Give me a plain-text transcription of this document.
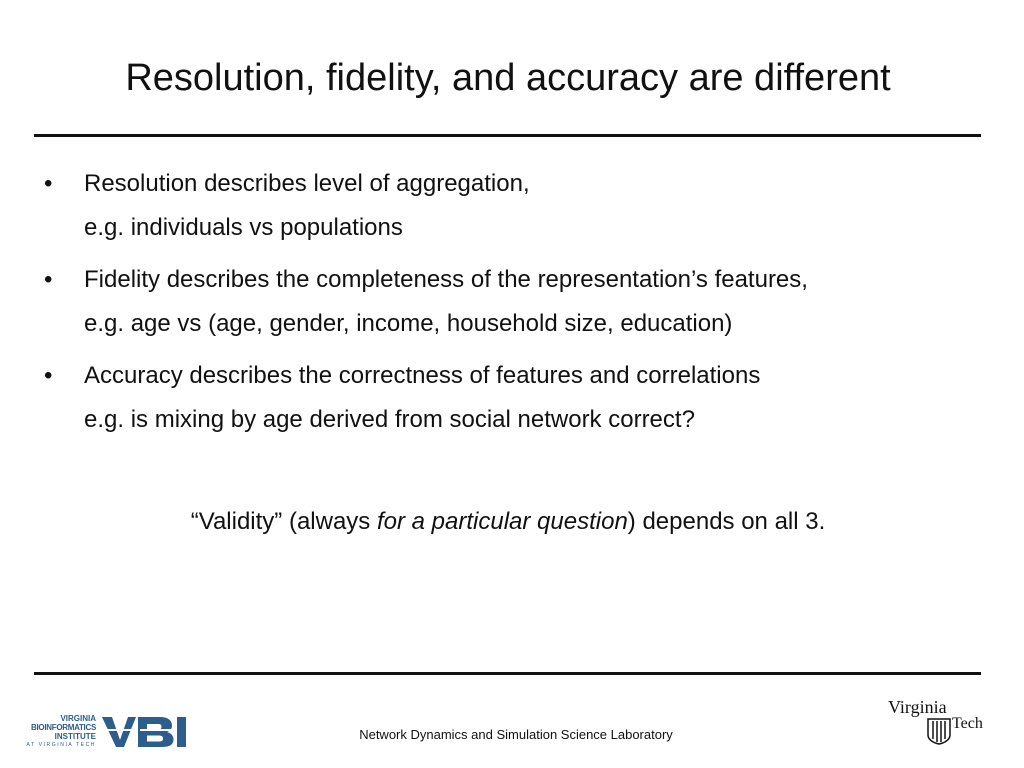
Resolution, fidelity, and accuracy are different
• Resolution describes level of aggregation,
e.g. individuals vs populations
• Fidelity describes the completeness of the representation’s features,
e.g. age vs (age, gender, income, household size, education)
• Accuracy describes the correctness of features and correlations
e.g. is mixing by age derived from social network correct?
“Validity” (always for a particular question) depends on all 3.
VIRGINIA
BIOINFORMATICS
INSTITUTE
AT VIRGINIA TECH
Network Dynamics and Simulation Science Laboratory
Virginia
Tech
